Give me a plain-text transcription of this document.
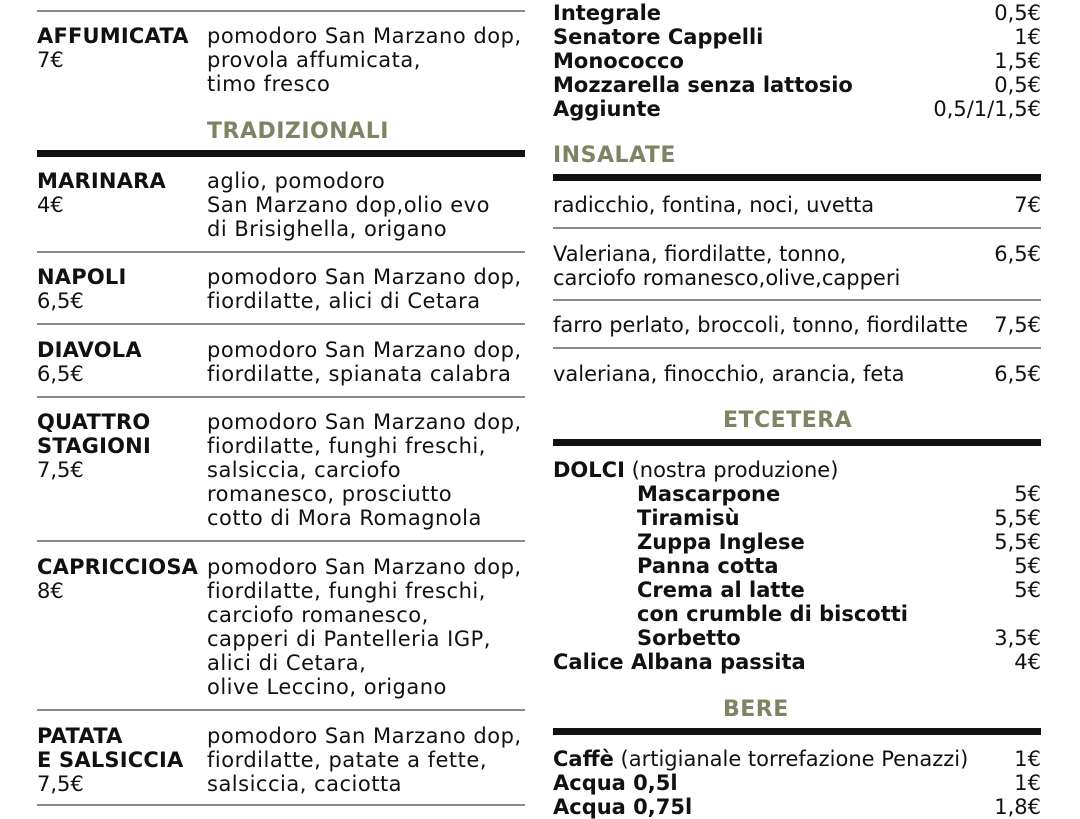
AFFUMICATA
7€
pomodoro San Marzano dop,
provola affumicata,
timo fresco
TRADIZIONALI
MARINARA
4€
aglio, pomodoro
San Marzano dop,olio evo
di Brisighella, origano
NAPOLI
6,5€
pomodoro San Marzano dop,
fiordilatte, alici di Cetara
DIAVOLA
6,5€
pomodoro San Marzano dop,
fiordilatte, spianata calabra
QUATTRO
STAGIONI
7,5€
pomodoro San Marzano dop,
fiordilatte, funghi freschi,
salsiccia, carciofo
romanesco, prosciutto
cotto di Mora Romagnola
CAPRICCIOSA
8€
pomodoro San Marzano dop,
fiordilatte, funghi freschi,
carciofo romanesco,
capperi di Pantelleria IGP,
alici di Cetara,
olive Leccino, origano
PATATA
E SALSICCIA
7,5€
pomodoro San Marzano dop,
fiordilatte, patate a fette,
salsiccia, caciotta
Integrale	0,5€
Senatore Cappelli	1€
Monococco	1,5€
Mozzarella senza lattosio	0,5€
Aggiunte	0,5/1/1,5€
INSALATE
radicchio, fontina, noci, uvetta	7€
Valeriana, fiordilatte, tonno,	6,5€
carciofo romanesco,olive,capperi
farro perlato, broccoli, tonno, fiordilatte 7,5€
valeriana, finocchio, arancia, feta	6,5€
ETCETERA
DOLCI (nostra produzione)
Mascarpone	5€
Tiramisù	5,5€
Zuppa Inglese	5,5€
Panna cotta	5€
Crema al latte	5€
con crumble di biscotti
Sorbetto	3,5€
Calice Albana passita	4€
BERE
Caffè (artigianale torrefazione Penazzi) 1€
Acqua 0,5l	1€
Acqua 0,75l	1,8€
